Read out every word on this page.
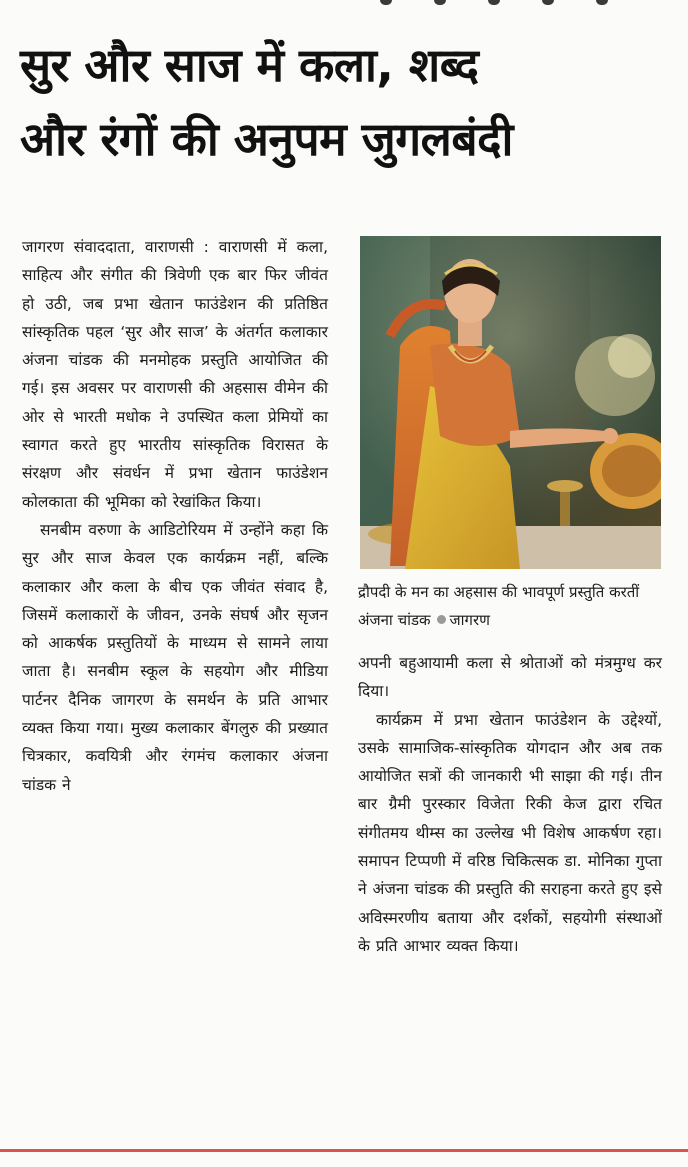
सुर और साज में कला, शब्द
और रंगों की अनुपम जुगलबंदी

जागरण संवाददाता, वाराणसी : वाराणसी में कला, साहित्य और संगीत की त्रिवेणी एक बार फिर जीवंत हो उठी, जब प्रभा खेतान फाउंडेशन की प्रतिष्ठित सांस्कृतिक पहल ‘सुर और साज’ के अंतर्गत कलाकार अंजना चांडक की मनमोहक प्रस्तुति आयोजित की गई। इस अवसर पर वाराणसी की अहसास वीमेन की ओर से भारती मधोक ने उपस्थित कला प्रेमियों का स्वागत करते हुए भारतीय सांस्कृतिक विरासत के संरक्षण और संवर्धन में प्रभा खेतान फाउंडेशन कोलकाता की भूमिका को रेखांकित किया।

सनबीम वरुणा के आडिटोरियम में उन्होंने कहा कि सुर और साज केवल एक कार्यक्रम नहीं, बल्कि कलाकार और कला के बीच एक जीवंत संवाद है, जिसमें कलाकारों के जीवन, उनके संघर्ष और सृजन को आकर्षक प्रस्तुतियों के माध्यम से सामने लाया जाता है। सनबीम स्कूल के सहयोग और मीडिया पार्टनर दैनिक जागरण के समर्थन के प्रति आभार व्यक्त किया गया। मुख्य कलाकार बेंगलुरु की प्रख्यात चित्रकार, कवयित्री और रंगमंच कलाकार अंजना चांडक ने

द्रौपदी के मन का अहसास की भावपूर्ण प्रस्तुति करतीं अंजना चांडक जागरण

अपनी बहुआयामी कला से श्रोताओं को मंत्रमुग्ध कर दिया।

कार्यक्रम में प्रभा खेतान फाउंडेशन के उद्देश्यों, उसके सामाजिक-सांस्कृतिक योगदान और अब तक आयोजित सत्रों की जानकारी भी साझा की गई। तीन बार ग्रैमी पुरस्कार विजेता रिकी केज द्वारा रचित संगीतमय थीम्स का उल्लेख भी विशेष आकर्षण रहा। समापन टिप्पणी में वरिष्ठ चिकित्सक डा. मोनिका गुप्ता ने अंजना चांडक की प्रस्तुति की सराहना करते हुए इसे अविस्मरणीय बताया और दर्शकों, सहयोगी संस्थाओं के प्रति आभार व्यक्त किया।
